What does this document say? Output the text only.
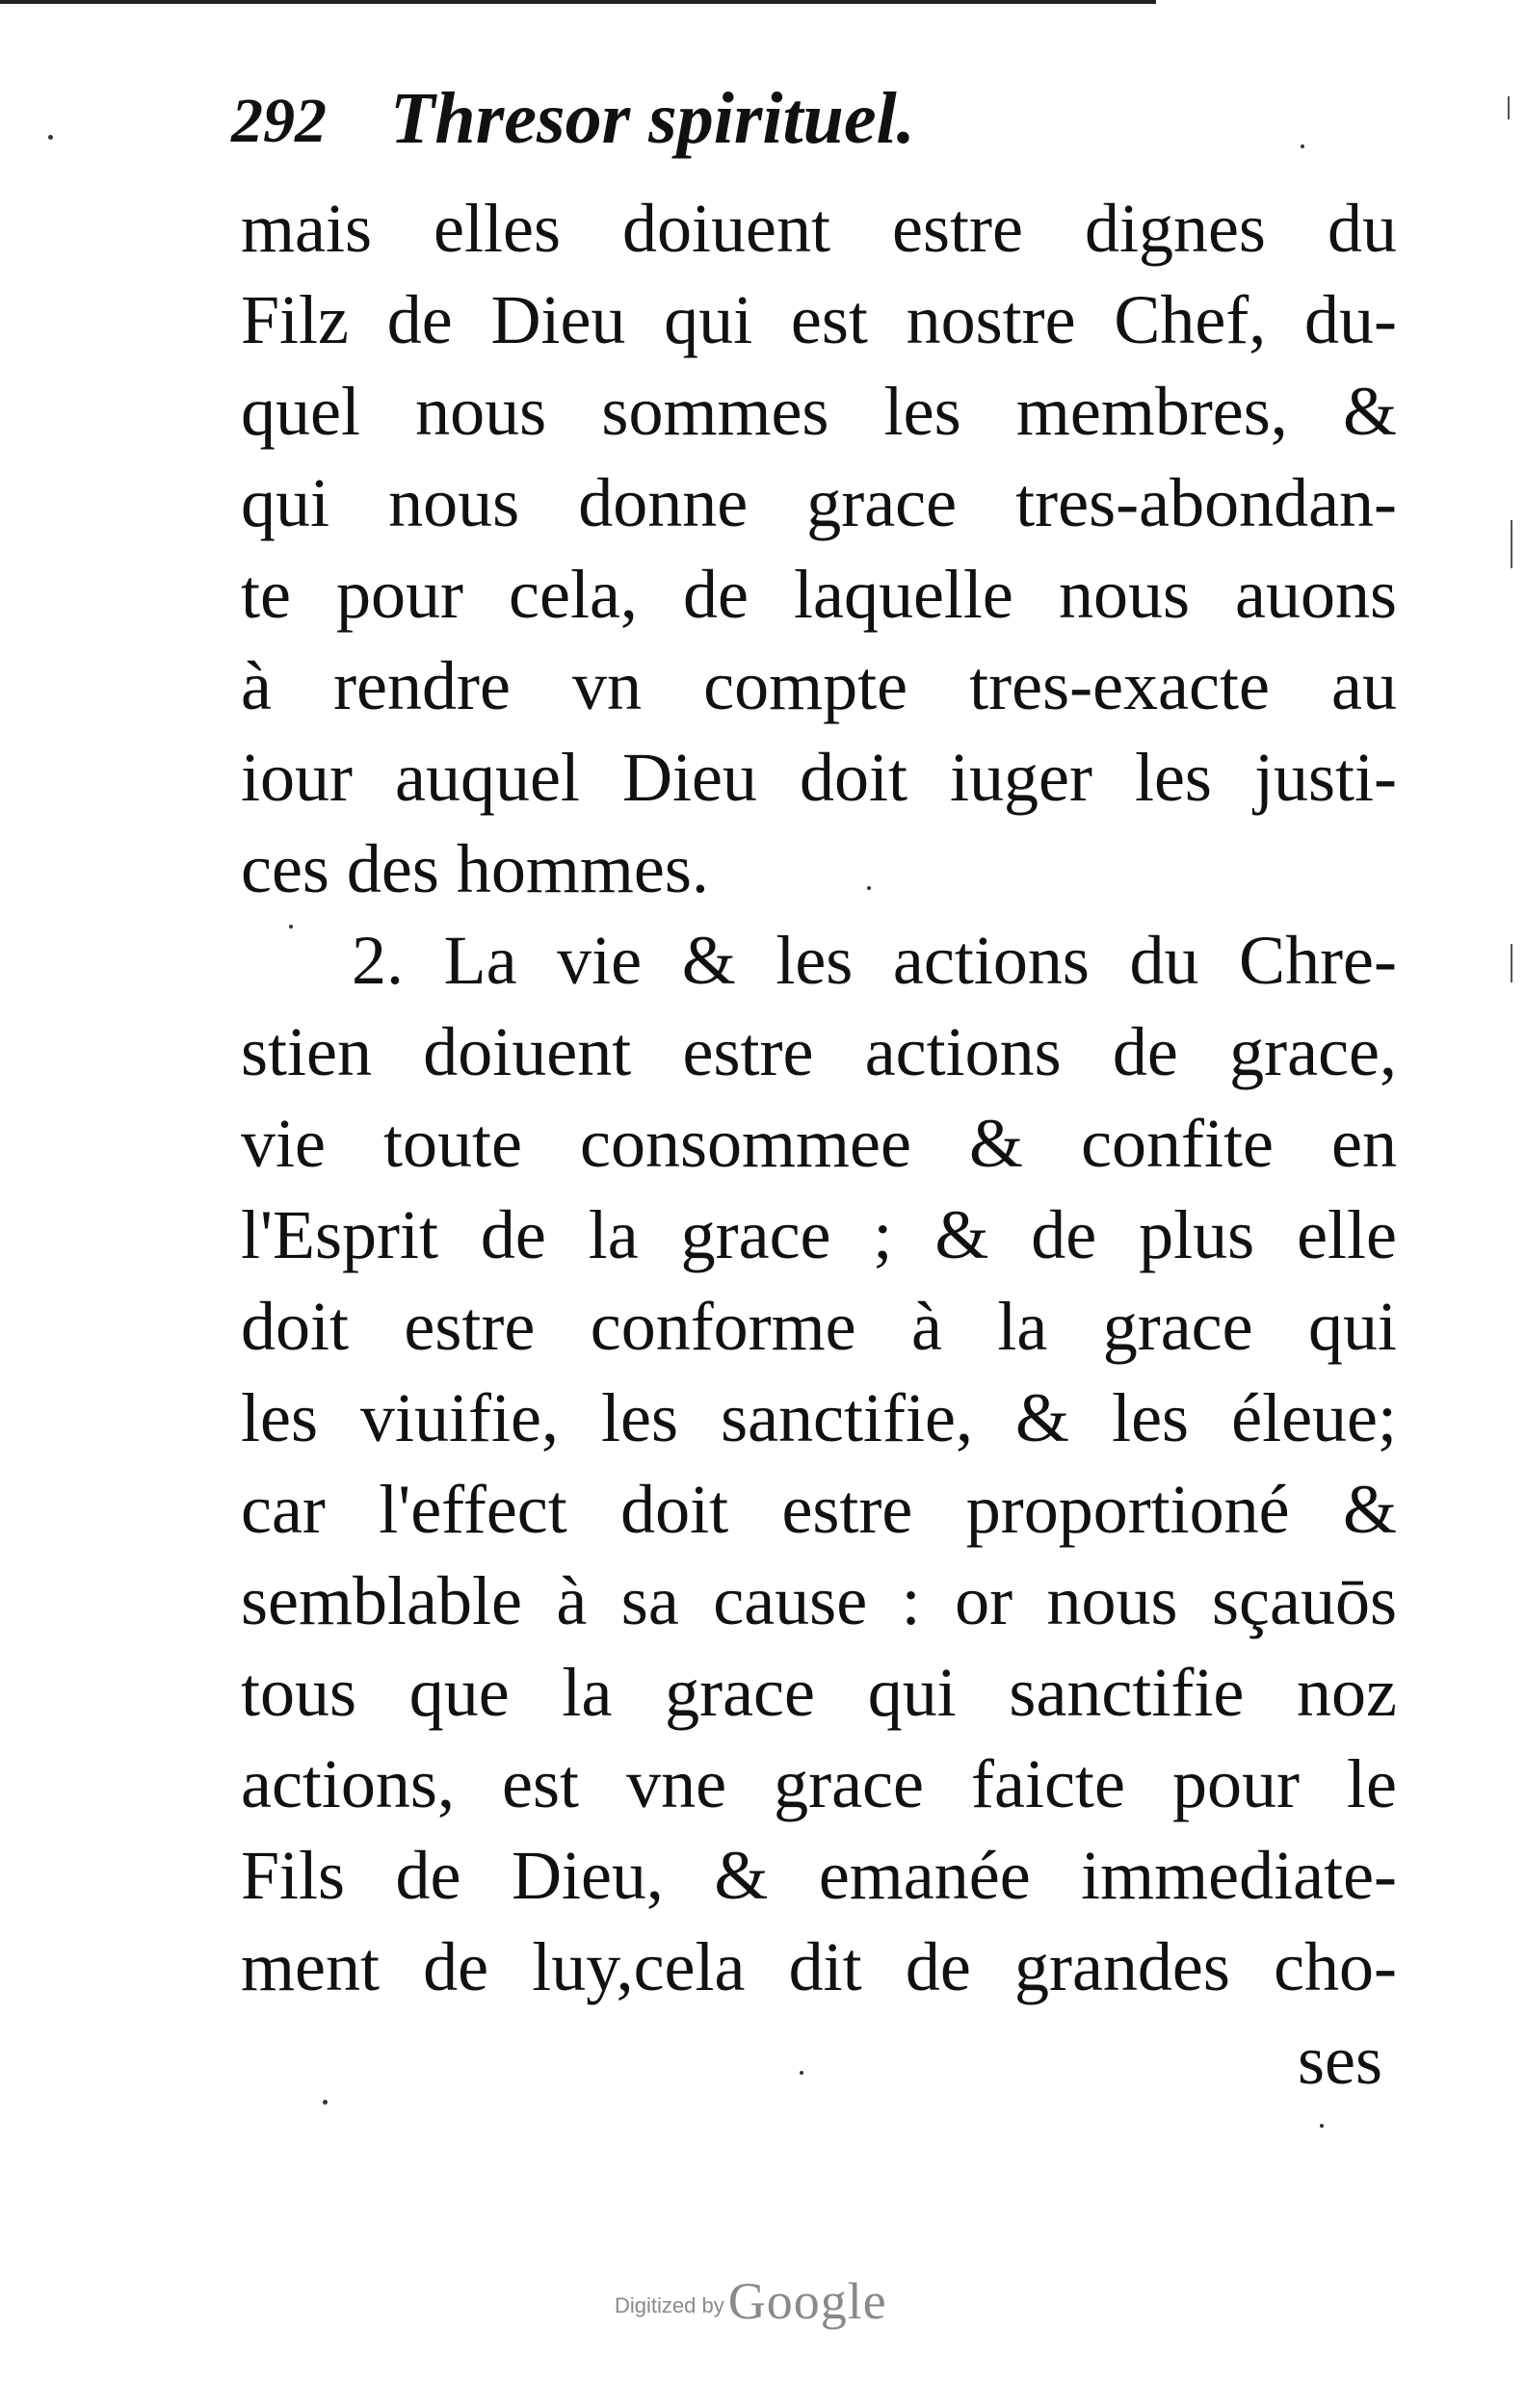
292 Thresor spirituel.
mais elles doiuent estre dignes du
Filz de Dieu qui est nostre Chef, du-
quel nous sommes les membres, &
qui nous donne grace tres-abondan-
te pour cela, de laquelle nous auons
à rendre vn compte tres-exacte au
iour auquel Dieu doit iuger les justi-
ces des hommes.
2. La vie & les actions du Chre-
stien doiuent estre actions de grace,
vie toute consommee & confite en
l'Esprit de la grace ; & de plus elle
doit estre conforme à la grace qui
les viuifie, les sanctifie, & les éleue;
car l'effect doit estre proportioné &
semblable à sa cause : or nous sçauōs
tous que la grace qui sanctifie noz
actions, est vne grace faicte pour le
Fils de Dieu, & emanée immediate-
ment de luy,cela dit de grandes cho-
ses
Digitized by Google
